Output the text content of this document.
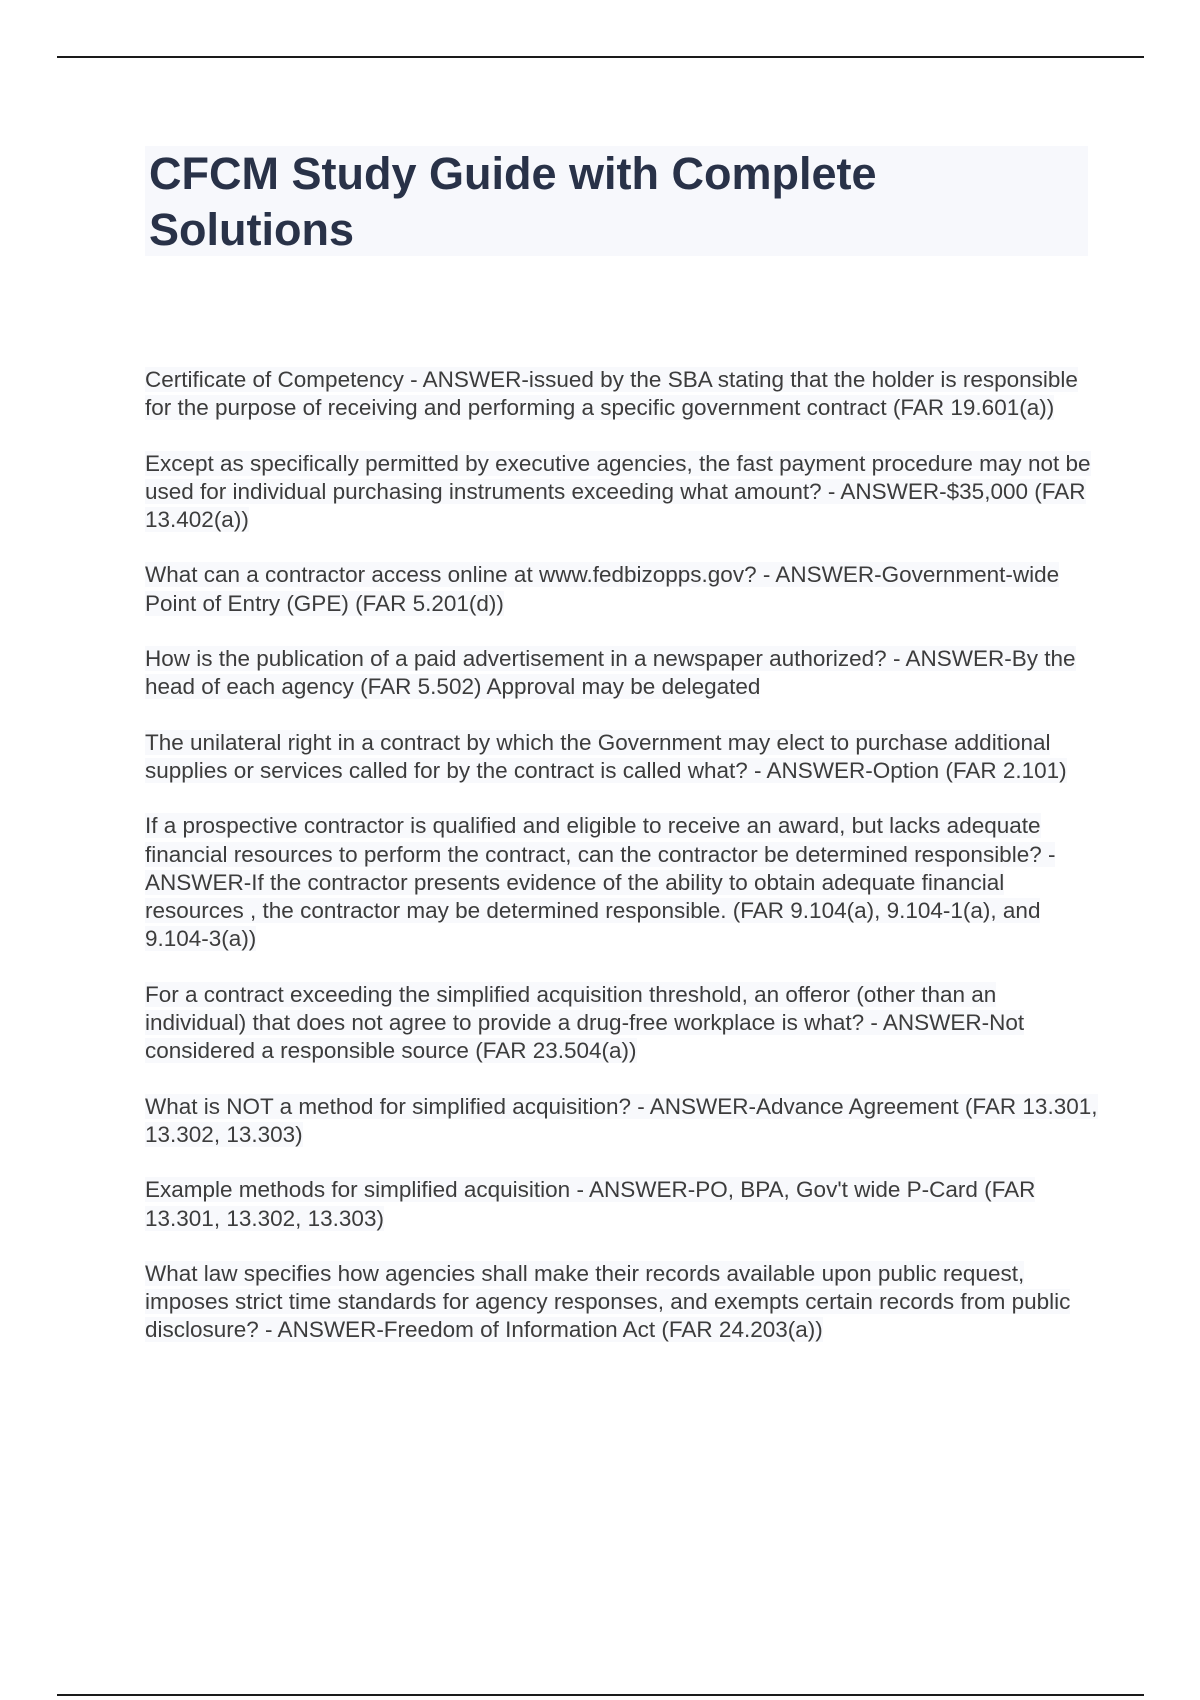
CFCM Study Guide with Complete Solutions

Certificate of Competency - ANSWER-issued by the SBA stating that the holder is responsible for the purpose of receiving and performing a specific government contract (FAR 19.601(a))

Except as specifically permitted by executive agencies, the fast payment procedure may not be used for individual purchasing instruments exceeding what amount? - ANSWER-$35,000 (FAR 13.402(a))

What can a contractor access online at www.fedbizopps.gov? - ANSWER-Government-wide Point of Entry (GPE) (FAR 5.201(d))

How is the publication of a paid advertisement in a newspaper authorized? - ANSWER-By the head of each agency (FAR 5.502) Approval may be delegated

The unilateral right in a contract by which the Government may elect to purchase additional supplies or services called for by the contract is called what? - ANSWER-Option (FAR 2.101)

If a prospective contractor is qualified and eligible to receive an award, but lacks adequate financial resources to perform the contract, can the contractor be determined responsible? - ANSWER-If the contractor presents evidence of the ability to obtain adequate financial resources , the contractor may be determined responsible. (FAR 9.104(a), 9.104-1(a), and 9.104-3(a))

For a contract exceeding the simplified acquisition threshold, an offeror (other than an individual) that does not agree to provide a drug-free workplace is what? - ANSWER-Not considered a responsible source (FAR 23.504(a))

What is NOT a method for simplified acquisition? - ANSWER-Advance Agreement (FAR 13.301, 13.302, 13.303)

Example methods for simplified acquisition - ANSWER-PO, BPA, Gov't wide P-Card (FAR 13.301, 13.302, 13.303)

What law specifies how agencies shall make their records available upon public request, imposes strict time standards for agency responses, and exempts certain records from public disclosure? - ANSWER-Freedom of Information Act (FAR 24.203(a))
